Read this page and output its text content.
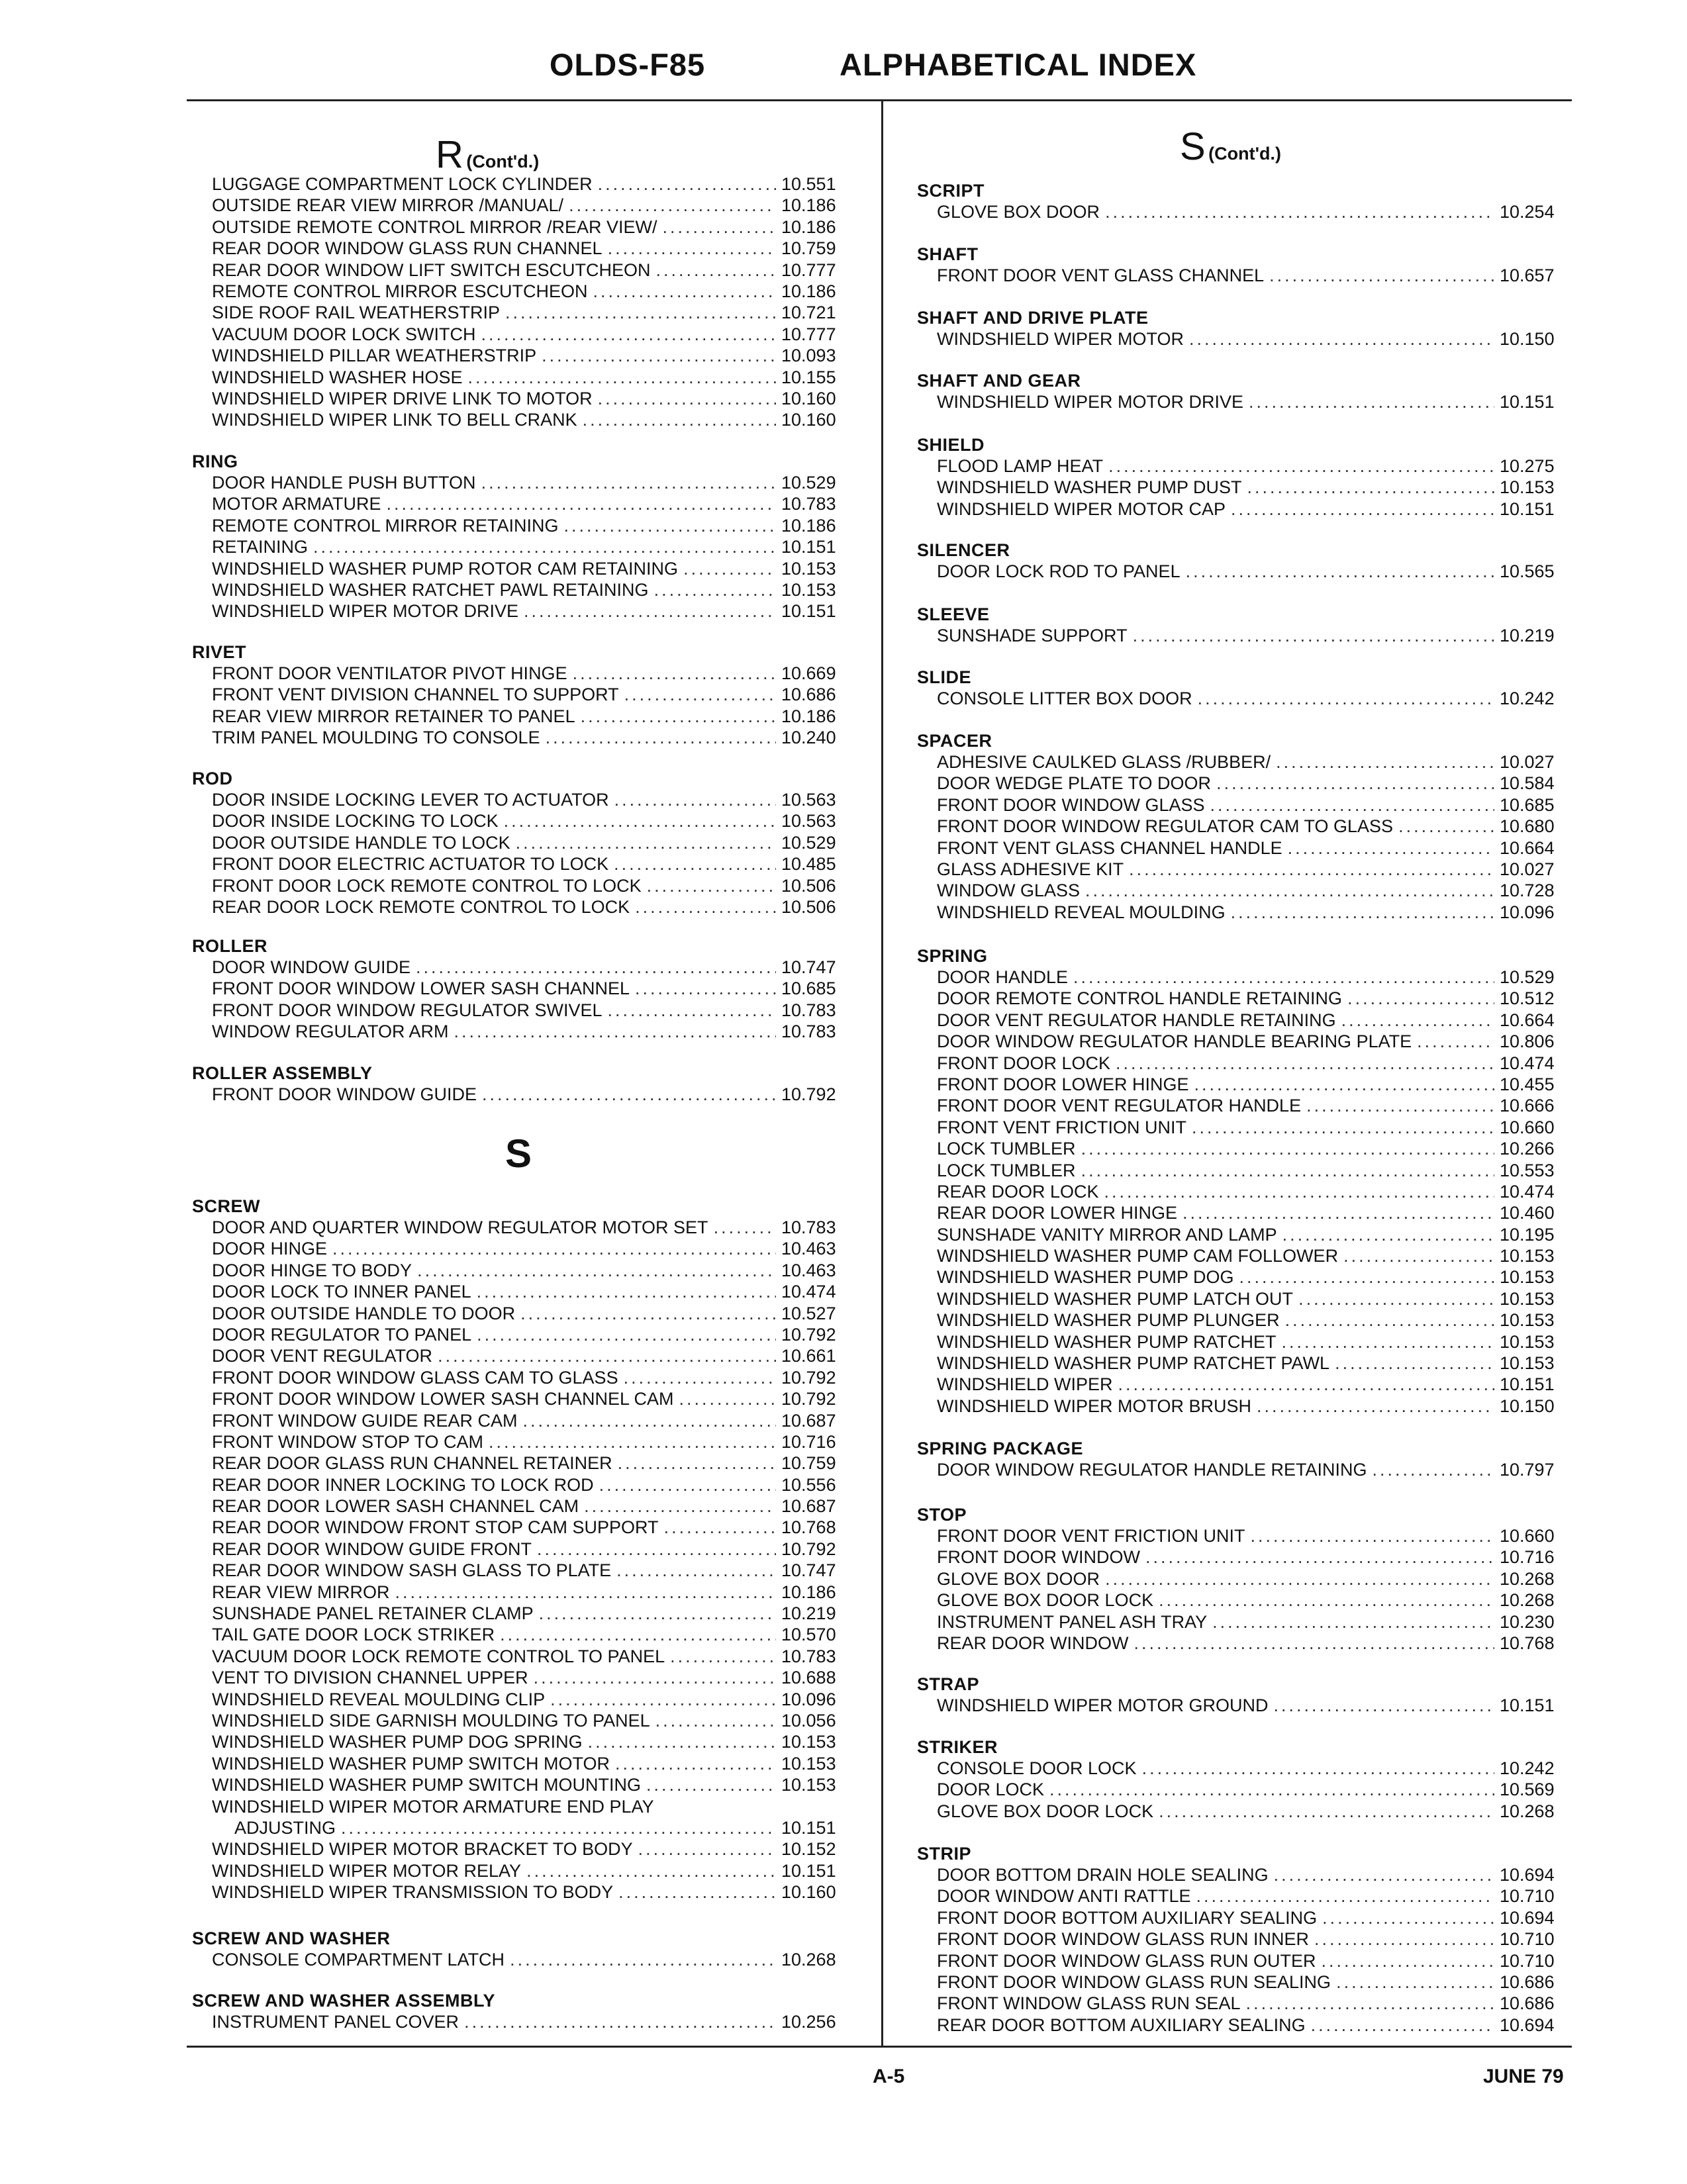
OLDS-F85	ALPHABETICAL INDEX
R (Cont'd.)
LUGGAGE COMPARTMENT LOCK CYLINDER .....	10.551
OUTSIDE REAR VIEW MIRROR /MANUAL/ .....	10.186
OUTSIDE REMOTE CONTROL MIRROR /REAR VIEW/ .....	10.186
REAR DOOR WINDOW GLASS RUN CHANNEL .....	10.759
REAR DOOR WINDOW LIFT SWITCH ESCUTCHEON .....	10.777
REMOTE CONTROL MIRROR ESCUTCHEON .....	10.186
SIDE ROOF RAIL WEATHERSTRIP .....	10.721
VACUUM DOOR LOCK SWITCH .....	10.777
WINDSHIELD PILLAR WEATHERSTRIP .....	10.093
WINDSHIELD WASHER HOSE .....	10.155
WINDSHIELD WIPER DRIVE LINK TO MOTOR .....	10.160
WINDSHIELD WIPER LINK TO BELL CRANK .....	10.160
RING
DOOR HANDLE PUSH BUTTON .....	10.529
MOTOR ARMATURE .....	10.783
REMOTE CONTROL MIRROR RETAINING .....	10.186
RETAINING .....	10.151
WINDSHIELD WASHER PUMP ROTOR CAM RETAINING .....	10.153
WINDSHIELD WASHER RATCHET PAWL RETAINING .....	10.153
WINDSHIELD WIPER MOTOR DRIVE .....	10.151
RIVET
FRONT DOOR VENTILATOR PIVOT HINGE .....	10.669
FRONT VENT DIVISION CHANNEL TO SUPPORT .....	10.686
REAR VIEW MIRROR RETAINER TO PANEL .....	10.186
TRIM PANEL MOULDING TO CONSOLE .....	10.240
ROD
DOOR INSIDE LOCKING LEVER TO ACTUATOR .....	10.563
DOOR INSIDE LOCKING TO LOCK .....	10.563
DOOR OUTSIDE HANDLE TO LOCK .....	10.529
FRONT DOOR ELECTRIC ACTUATOR TO LOCK .....	10.485
FRONT DOOR LOCK REMOTE CONTROL TO LOCK .....	10.506
REAR DOOR LOCK REMOTE CONTROL TO LOCK .....	10.506
ROLLER
DOOR WINDOW GUIDE .....	10.747
FRONT DOOR WINDOW LOWER SASH CHANNEL .....	10.685
FRONT DOOR WINDOW REGULATOR SWIVEL .....	10.783
WINDOW REGULATOR ARM .....	10.783
ROLLER ASSEMBLY
FRONT DOOR WINDOW GUIDE .....	10.792
S
SCREW
DOOR AND QUARTER WINDOW REGULATOR MOTOR SET .....	10.783
DOOR HINGE .....	10.463
DOOR HINGE TO BODY .....	10.463
DOOR LOCK TO INNER PANEL .....	10.474
DOOR OUTSIDE HANDLE TO DOOR .....	10.527
DOOR REGULATOR TO PANEL .....	10.792
DOOR VENT REGULATOR .....	10.661
FRONT DOOR WINDOW GLASS CAM TO GLASS .....	10.792
FRONT DOOR WINDOW LOWER SASH CHANNEL CAM .....	10.792
FRONT WINDOW GUIDE REAR CAM .....	10.687
FRONT WINDOW STOP TO CAM .....	10.716
REAR DOOR GLASS RUN CHANNEL RETAINER .....	10.759
REAR DOOR INNER LOCKING TO LOCK ROD .....	10.556
REAR DOOR LOWER SASH CHANNEL CAM .....	10.687
REAR DOOR WINDOW FRONT STOP CAM SUPPORT .....	10.768
REAR DOOR WINDOW GUIDE FRONT .....	10.792
REAR DOOR WINDOW SASH GLASS TO PLATE .....	10.747
REAR VIEW MIRROR .....	10.186
SUNSHADE PANEL RETAINER CLAMP .....	10.219
TAIL GATE DOOR LOCK STRIKER .....	10.570
VACUUM DOOR LOCK REMOTE CONTROL TO PANEL .....	10.783
VENT TO DIVISION CHANNEL UPPER .....	10.688
WINDSHIELD REVEAL MOULDING CLIP .....	10.096
WINDSHIELD SIDE GARNISH MOULDING TO PANEL .....	10.056
WINDSHIELD WASHER PUMP DOG SPRING .....	10.153
WINDSHIELD WASHER PUMP SWITCH MOTOR .....	10.153
WINDSHIELD WASHER PUMP SWITCH MOUNTING .....	10.153
WINDSHIELD WIPER MOTOR ARMATURE END PLAY
ADJUSTING .....	10.151
WINDSHIELD WIPER MOTOR BRACKET TO BODY .....	10.152
WINDSHIELD WIPER MOTOR RELAY .....	10.151
WINDSHIELD WIPER TRANSMISSION TO BODY .....	10.160
SCREW AND WASHER
CONSOLE COMPARTMENT LATCH .....	10.268
SCREW AND WASHER ASSEMBLY
INSTRUMENT PANEL COVER .....	10.256
S (Cont'd.)
SCRIPT
GLOVE BOX DOOR .....	10.254
SHAFT
FRONT DOOR VENT GLASS CHANNEL .....	10.657
SHAFT AND DRIVE PLATE
WINDSHIELD WIPER MOTOR .....	10.150
SHAFT AND GEAR
WINDSHIELD WIPER MOTOR DRIVE .....	10.151
SHIELD
FLOOD LAMP HEAT .....	10.275
WINDSHIELD WASHER PUMP DUST .....	10.153
WINDSHIELD WIPER MOTOR CAP .....	10.151
SILENCER
DOOR LOCK ROD TO PANEL .....	10.565
SLEEVE
SUNSHADE SUPPORT .....	10.219
SLIDE
CONSOLE LITTER BOX DOOR .....	10.242
SPACER
ADHESIVE CAULKED GLASS /RUBBER/ .....	10.027
DOOR WEDGE PLATE TO DOOR .....	10.584
FRONT DOOR WINDOW GLASS .....	10.685
FRONT DOOR WINDOW REGULATOR CAM TO GLASS .....	10.680
FRONT VENT GLASS CHANNEL HANDLE .....	10.664
GLASS ADHESIVE KIT .....	10.027
WINDOW GLASS .....	10.728
WINDSHIELD REVEAL MOULDING .....	10.096
SPRING
DOOR HANDLE .....	10.529
DOOR REMOTE CONTROL HANDLE RETAINING .....	10.512
DOOR VENT REGULATOR HANDLE RETAINING .....	10.664
DOOR WINDOW REGULATOR HANDLE BEARING PLATE .....	10.806
FRONT DOOR LOCK .....	10.474
FRONT DOOR LOWER HINGE .....	10.455
FRONT DOOR VENT REGULATOR HANDLE .....	10.666
FRONT VENT FRICTION UNIT .....	10.660
LOCK TUMBLER .....	10.266
LOCK TUMBLER .....	10.553
REAR DOOR LOCK .....	10.474
REAR DOOR LOWER HINGE .....	10.460
SUNSHADE VANITY MIRROR AND LAMP .....	10.195
WINDSHIELD WASHER PUMP CAM FOLLOWER .....	10.153
WINDSHIELD WASHER PUMP DOG .....	10.153
WINDSHIELD WASHER PUMP LATCH OUT .....	10.153
WINDSHIELD WASHER PUMP PLUNGER .....	10.153
WINDSHIELD WASHER PUMP RATCHET .....	10.153
WINDSHIELD WASHER PUMP RATCHET PAWL .....	10.153
WINDSHIELD WIPER .....	10.151
WINDSHIELD WIPER MOTOR BRUSH .....	10.150
SPRING PACKAGE
DOOR WINDOW REGULATOR HANDLE RETAINING .....	10.797
STOP
FRONT DOOR VENT FRICTION UNIT .....	10.660
FRONT DOOR WINDOW .....	10.716
GLOVE BOX DOOR .....	10.268
GLOVE BOX DOOR LOCK .....	10.268
INSTRUMENT PANEL ASH TRAY .....	10.230
REAR DOOR WINDOW .....	10.768
STRAP
WINDSHIELD WIPER MOTOR GROUND .....	10.151
STRIKER
CONSOLE DOOR LOCK .....	10.242
DOOR LOCK .....	10.569
GLOVE BOX DOOR LOCK .....	10.268
STRIP
DOOR BOTTOM DRAIN HOLE SEALING .....	10.694
DOOR WINDOW ANTI RATTLE .....	10.710
FRONT DOOR BOTTOM AUXILIARY SEALING .....	10.694
FRONT DOOR WINDOW GLASS RUN INNER .....	10.710
FRONT DOOR WINDOW GLASS RUN OUTER .....	10.710
FRONT DOOR WINDOW GLASS RUN SEALING .....	10.686
FRONT WINDOW GLASS RUN SEAL .....	10.686
REAR DOOR BOTTOM AUXILIARY SEALING .....	10.694
A-5	JUNE 79
